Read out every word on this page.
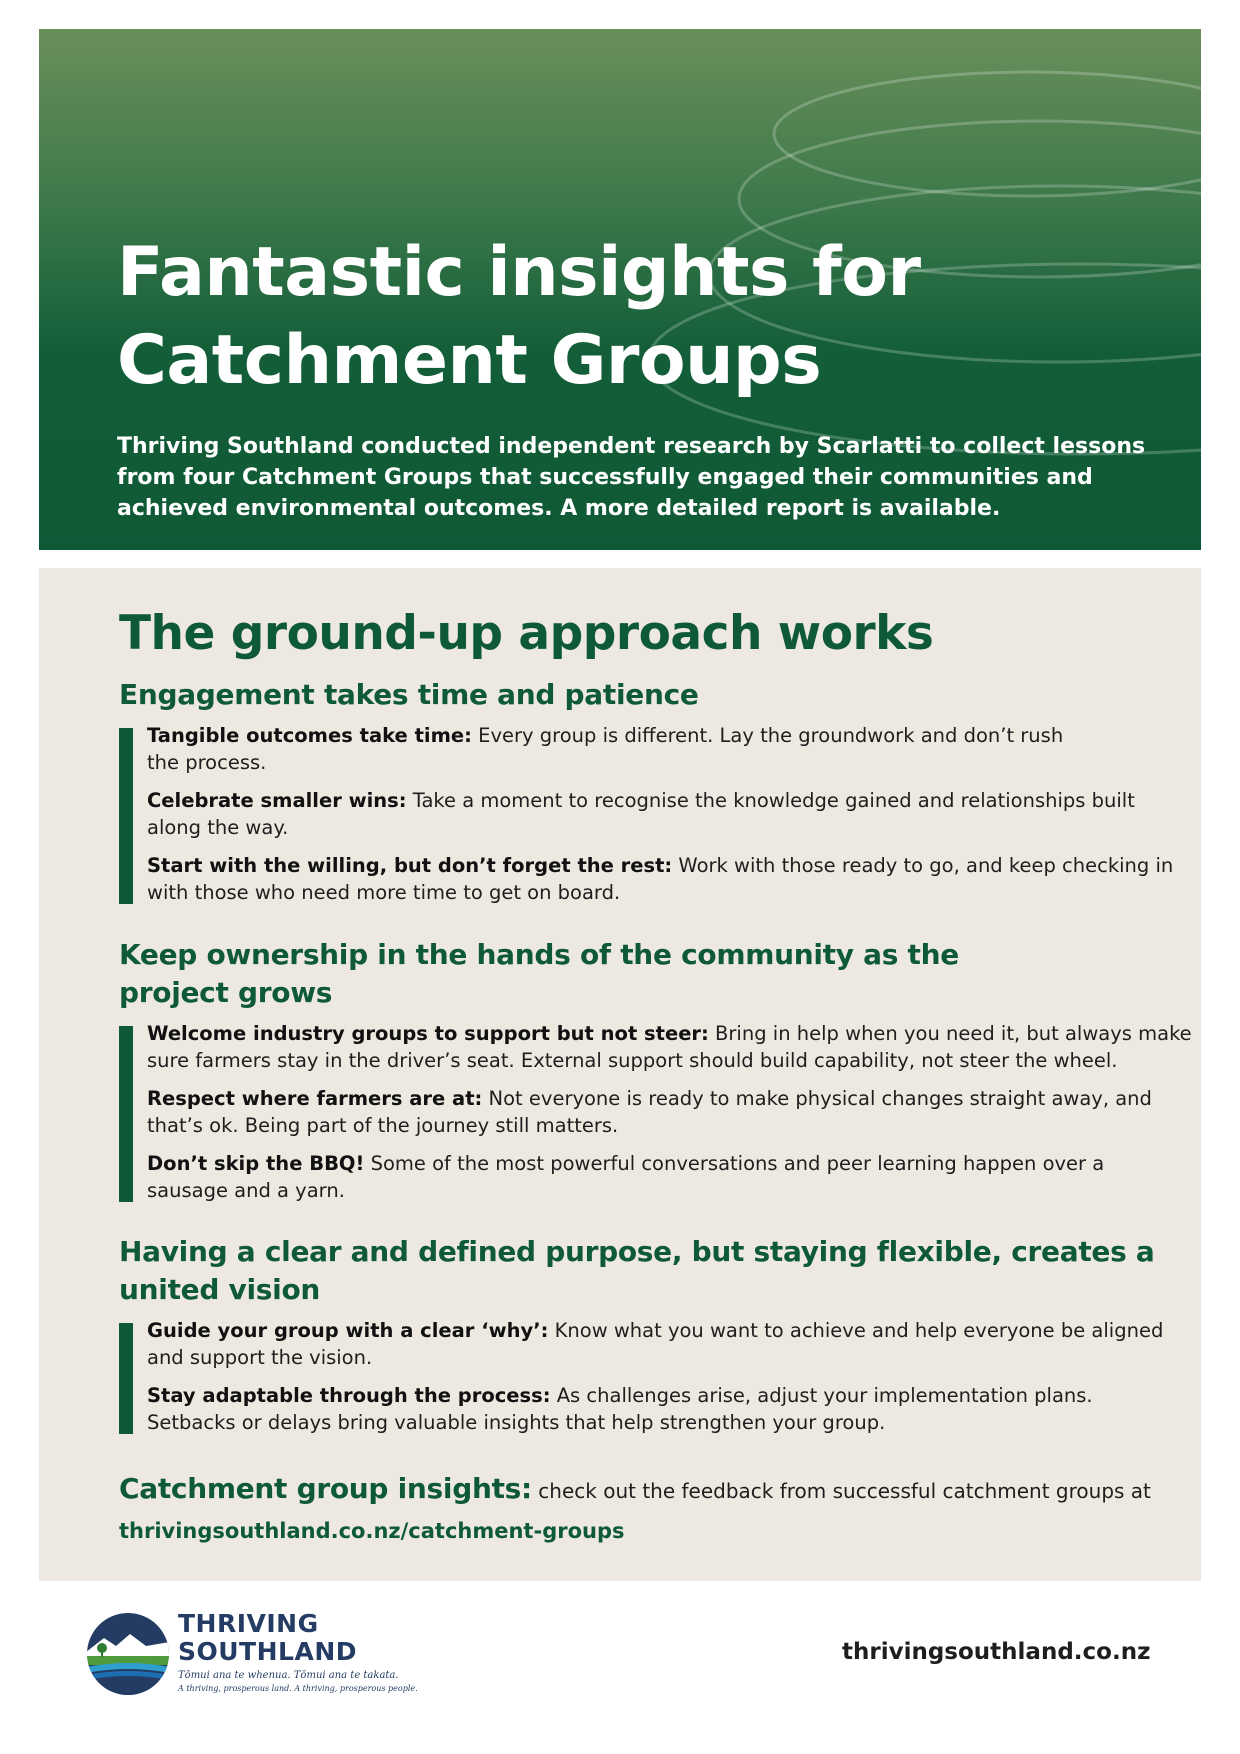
Fantastic insights for
Catchment Groups
Thriving Southland conducted independent research by Scarlatti to collect lessons
from four Catchment Groups that successfully engaged their communities and
achieved environmental outcomes. A more detailed report is available.
The ground-up approach works
Engagement takes time and patience
Tangible outcomes take time: Every group is different. Lay the groundwork and don’t rush
the process.
Celebrate smaller wins: Take a moment to recognise the knowledge gained and relationships built
along the way.
Start with the willing, but don’t forget the rest: Work with those ready to go, and keep checking in
with those who need more time to get on board.
Keep ownership in the hands of the community as the
project grows
Welcome industry groups to support but not steer: Bring in help when you need it, but always make
sure farmers stay in the driver’s seat. External support should build capability, not steer the wheel.
Respect where farmers are at: Not everyone is ready to make physical changes straight away, and
that’s ok. Being part of the journey still matters.
Don’t skip the BBQ! Some of the most powerful conversations and peer learning happen over a
sausage and a yarn.
Having a clear and defined purpose, but staying flexible, creates a
united vision
Guide your group with a clear ‘why’: Know what you want to achieve and help everyone be aligned
and support the vision.
Stay adaptable through the process: As challenges arise, adjust your implementation plans.
Setbacks or delays bring valuable insights that help strengthen your group.
Catchment group insights: check out the feedback from successful catchment groups at
thrivingsouthland.co.nz/catchment-groups
THRIVING
SOUTHLAND
Tōmui ana te whenua. Tōmui ana te takata.
A thriving, prosperous land. A thriving, prosperous people.
thrivingsouthland.co.nz
